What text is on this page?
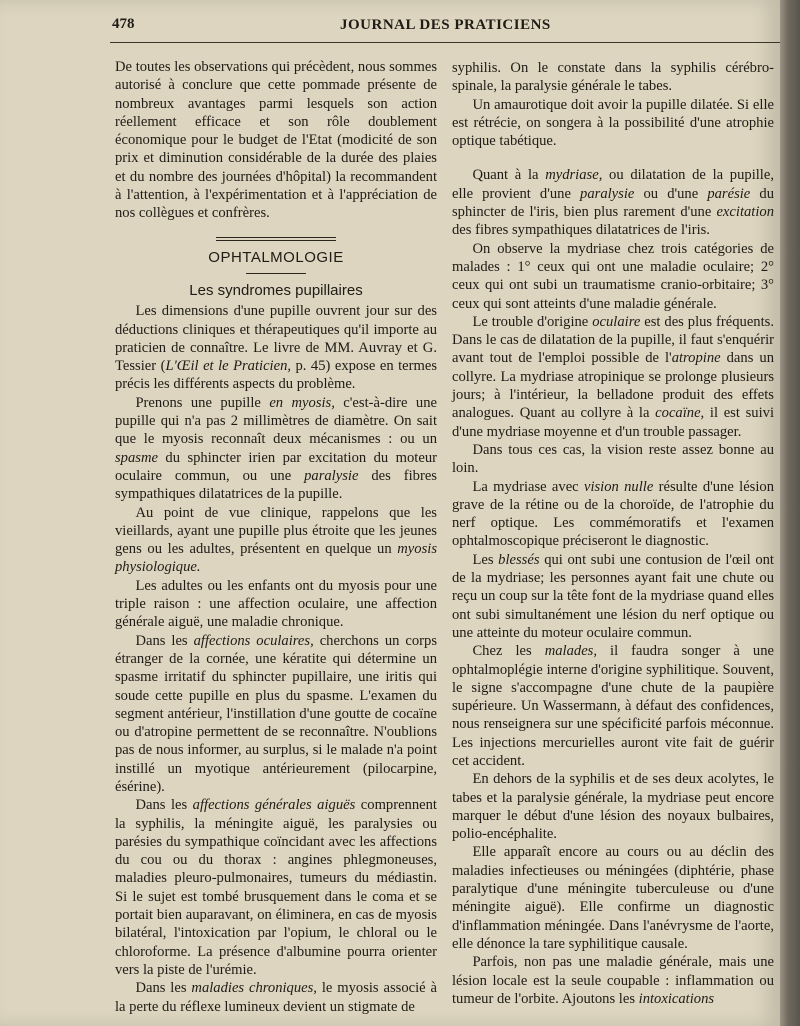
478	JOURNAL DES PRATICIENS

De toutes les observations qui précèdent, nous sommes autorisé à conclure que cette pommade présente de nombreux avantages parmi lesquels son action réellement efficace et son rôle doublement économique pour le budget de l'Etat (modicité de son prix et diminution considérable de la durée des plaies et du nombre des journées d'hôpital) la recommandent à l'attention, à l'expérimentation et à l'appréciation de nos collègues et confrères.

OPHTALMOLOGIE
Les syndromes pupillaires

Les dimensions d'une pupille ouvrent jour sur des déductions cliniques et thérapeutiques qu'il importe au praticien de connaître. Le livre de MM. Auvray et G. Tessier (L'Œil et le Praticien, p. 45) expose en termes précis les différents aspects du problème.

Prenons une pupille en myosis, c'est-à-dire une pupille qui n'a pas 2 millimètres de diamètre. On sait que le myosis reconnaît deux mécanismes : ou un spasme du sphincter irien par excitation du moteur oculaire commun, ou une paralysie des fibres sympathiques dilatatrices de la pupille.

Au point de vue clinique, rappelons que les vieillards, ayant une pupille plus étroite que les jeunes gens ou les adultes, présentent en quelque un myosis physiologique.

Les adultes ou les enfants ont du myosis pour une triple raison : une affection oculaire, une affection générale aiguë, une maladie chronique.

Dans les affections oculaires, cherchons un corps étranger de la cornée, une kératite qui détermine un spasme irritatif du sphincter pupillaire, une iritis qui soude cette pupille en plus du spasme. L'examen du segment antérieur, l'instillation d'une goutte de cocaïne ou d'atropine permettent de se reconnaître. N'oublions pas de nous informer, au surplus, si le malade n'a point instillé un myotique antérieurement (pilocarpine, ésérine).

Dans les affections générales aiguës comprennent la syphilis, la méningite aiguë, les paralysies ou parésies du sympathique coïncidant avec les affections du cou ou du thorax : angines phlegmoneuses, maladies pleuro-pulmonaires, tumeurs du médiastin. Si le sujet est tombé brusquement dans le coma et se portait bien auparavant, on éliminera, en cas de myosis bilatéral, l'intoxication par l'opium, le chloral ou le chloroforme. La présence d'albumine pourra orienter vers la piste de l'urémie.

Dans les maladies chroniques, le myosis associé à la perte du réflexe lumineux devient un stigmate de

syphilis. On le constate dans la syphilis cérébro-spinale, la paralysie générale le tabes.

Un amaurotique doit avoir la pupille dilatée. Si elle est rétrécie, on songera à la possibilité d'une atrophie optique tabétique.

Quant à la mydriase, ou dilatation de la pupille, elle provient d'une paralysie ou d'une parésie du sphincter de l'iris, bien plus rarement d'une excitation des fibres sympathiques dilatatrices de l'iris.

On observe la mydriase chez trois catégories de malades : 1° ceux qui ont une maladie oculaire; 2° ceux qui ont subi un traumatisme cranio-orbitaire; 3° ceux qui sont atteints d'une maladie générale.

Le trouble d'origine oculaire est des plus fréquents. Dans le cas de dilatation de la pupille, il faut s'enquérir avant tout de l'emploi possible de l'atropine dans un collyre. La mydriase atropinique se prolonge plusieurs jours; à l'intérieur, la belladone produit des effets analogues. Quant au collyre à la cocaïne, il est suivi d'une mydriase moyenne et d'un trouble passager.

Dans tous ces cas, la vision reste assez bonne au loin.

La mydriase avec vision nulle résulte d'une lésion grave de la rétine ou de la choroïde, de l'atrophie du nerf optique. Les commémoratifs et l'examen ophtalmoscopique préciseront le diagnostic.

Les blessés qui ont subi une contusion de l'œil ont de la mydriase; les personnes ayant fait une chute ou reçu un coup sur la tête font de la mydriase quand elles ont subi simultanément une lésion du nerf optique ou une atteinte du moteur oculaire commun.

Chez les malades, il faudra songer à une ophtalmoplégie interne d'origine syphilitique. Souvent, le signe s'accompagne d'une chute de la paupière supérieure. Un Wassermann, à défaut des confidences, nous renseignera sur une spécificité parfois méconnue. Les injections mercurielles auront vite fait de guérir cet accident.

En dehors de la syphilis et de ses deux acolytes, le tabes et la paralysie générale, la mydriase peut encore marquer le début d'une lésion des noyaux bulbaires, polio-encéphalite.

Elle apparaît encore au cours ou au déclin des maladies infectieuses ou méningées (diphtérie, phase paralytique d'une méningite tuberculeuse ou d'une méningite aiguë). Elle confirme un diagnostic d'inflammation méningée. Dans l'anévrysme de l'aorte, elle dénonce la tare syphilitique causale.

Parfois, non pas une maladie générale, mais une lésion locale est la seule coupable : inflammation ou tumeur de l'orbite. Ajoutons les intoxications
